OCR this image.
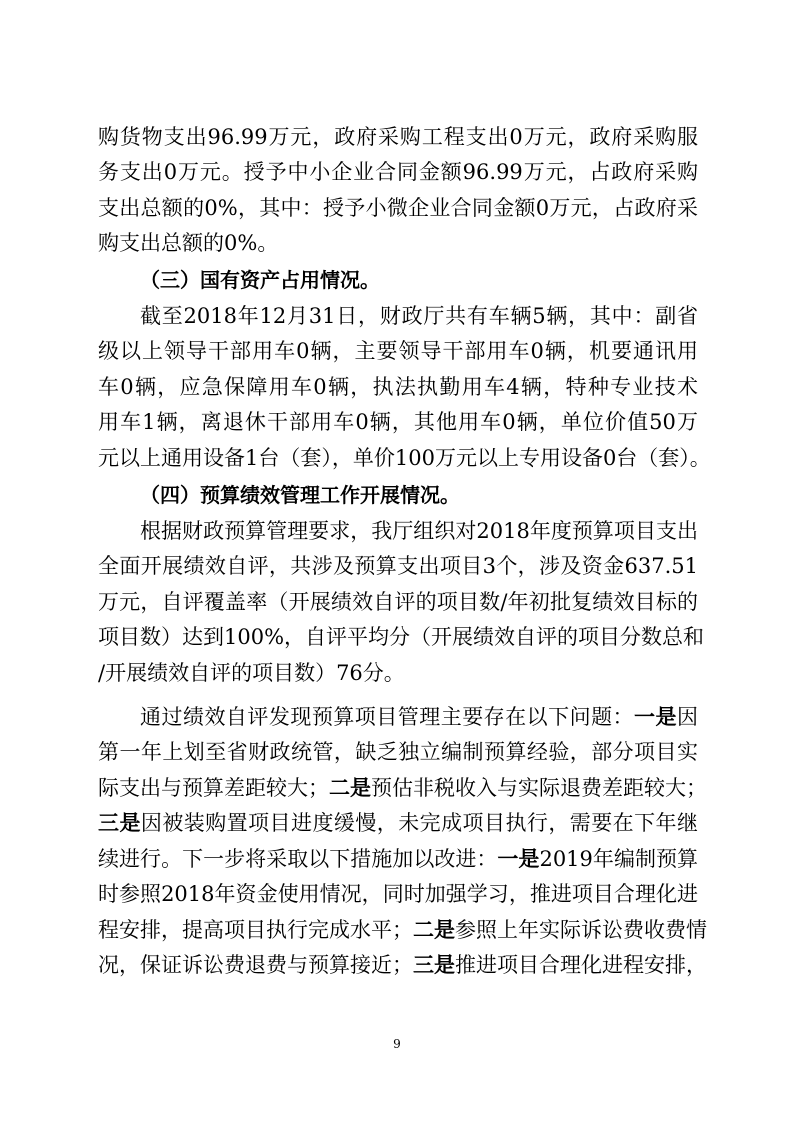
购货物支出96.99万元，政府采购工程支出0万元，政府采购服
务支出0万元。授予中小企业合同金额96.99万元，占政府采购
支出总额的0%，其中：授予小微企业合同金额0万元，占政府采
购支出总额的0%。
（三）国有资产占用情况。
截至2018年12月31日，财政厅共有车辆5辆，其中：副省
级以上领导干部用车0辆，主要领导干部用车0辆，机要通讯用
车0辆，应急保障用车0辆，执法执勤用车4辆，特种专业技术
用车1辆，离退休干部用车0辆，其他用车0辆，单位价值50万
元以上通用设备1台（套），单价100万元以上专用设备0台（套）。
（四）预算绩效管理工作开展情况。
根据财政预算管理要求，我厅组织对2018年度预算项目支出
全面开展绩效自评，共涉及预算支出项目3个，涉及资金637.51
万元，自评覆盖率（开展绩效自评的项目数/年初批复绩效目标的
项目数）达到100%，自评平均分（开展绩效自评的项目分数总和
/开展绩效自评的项目数）76分。
通过绩效自评发现预算项目管理主要存在以下问题：一是因
第一年上划至省财政统管，缺乏独立编制预算经验，部分项目实
际支出与预算差距较大；二是预估非税收入与实际退费差距较大；
三是因被装购置项目进度缓慢，未完成项目执行，需要在下年继
续进行。下一步将采取以下措施加以改进：一是2019年编制预算
时参照2018年资金使用情况，同时加强学习，推进项目合理化进
程安排，提高项目执行完成水平；二是参照上年实际诉讼费收费情
况，保证诉讼费退费与预算接近；三是推进项目合理化进程安排，
9
